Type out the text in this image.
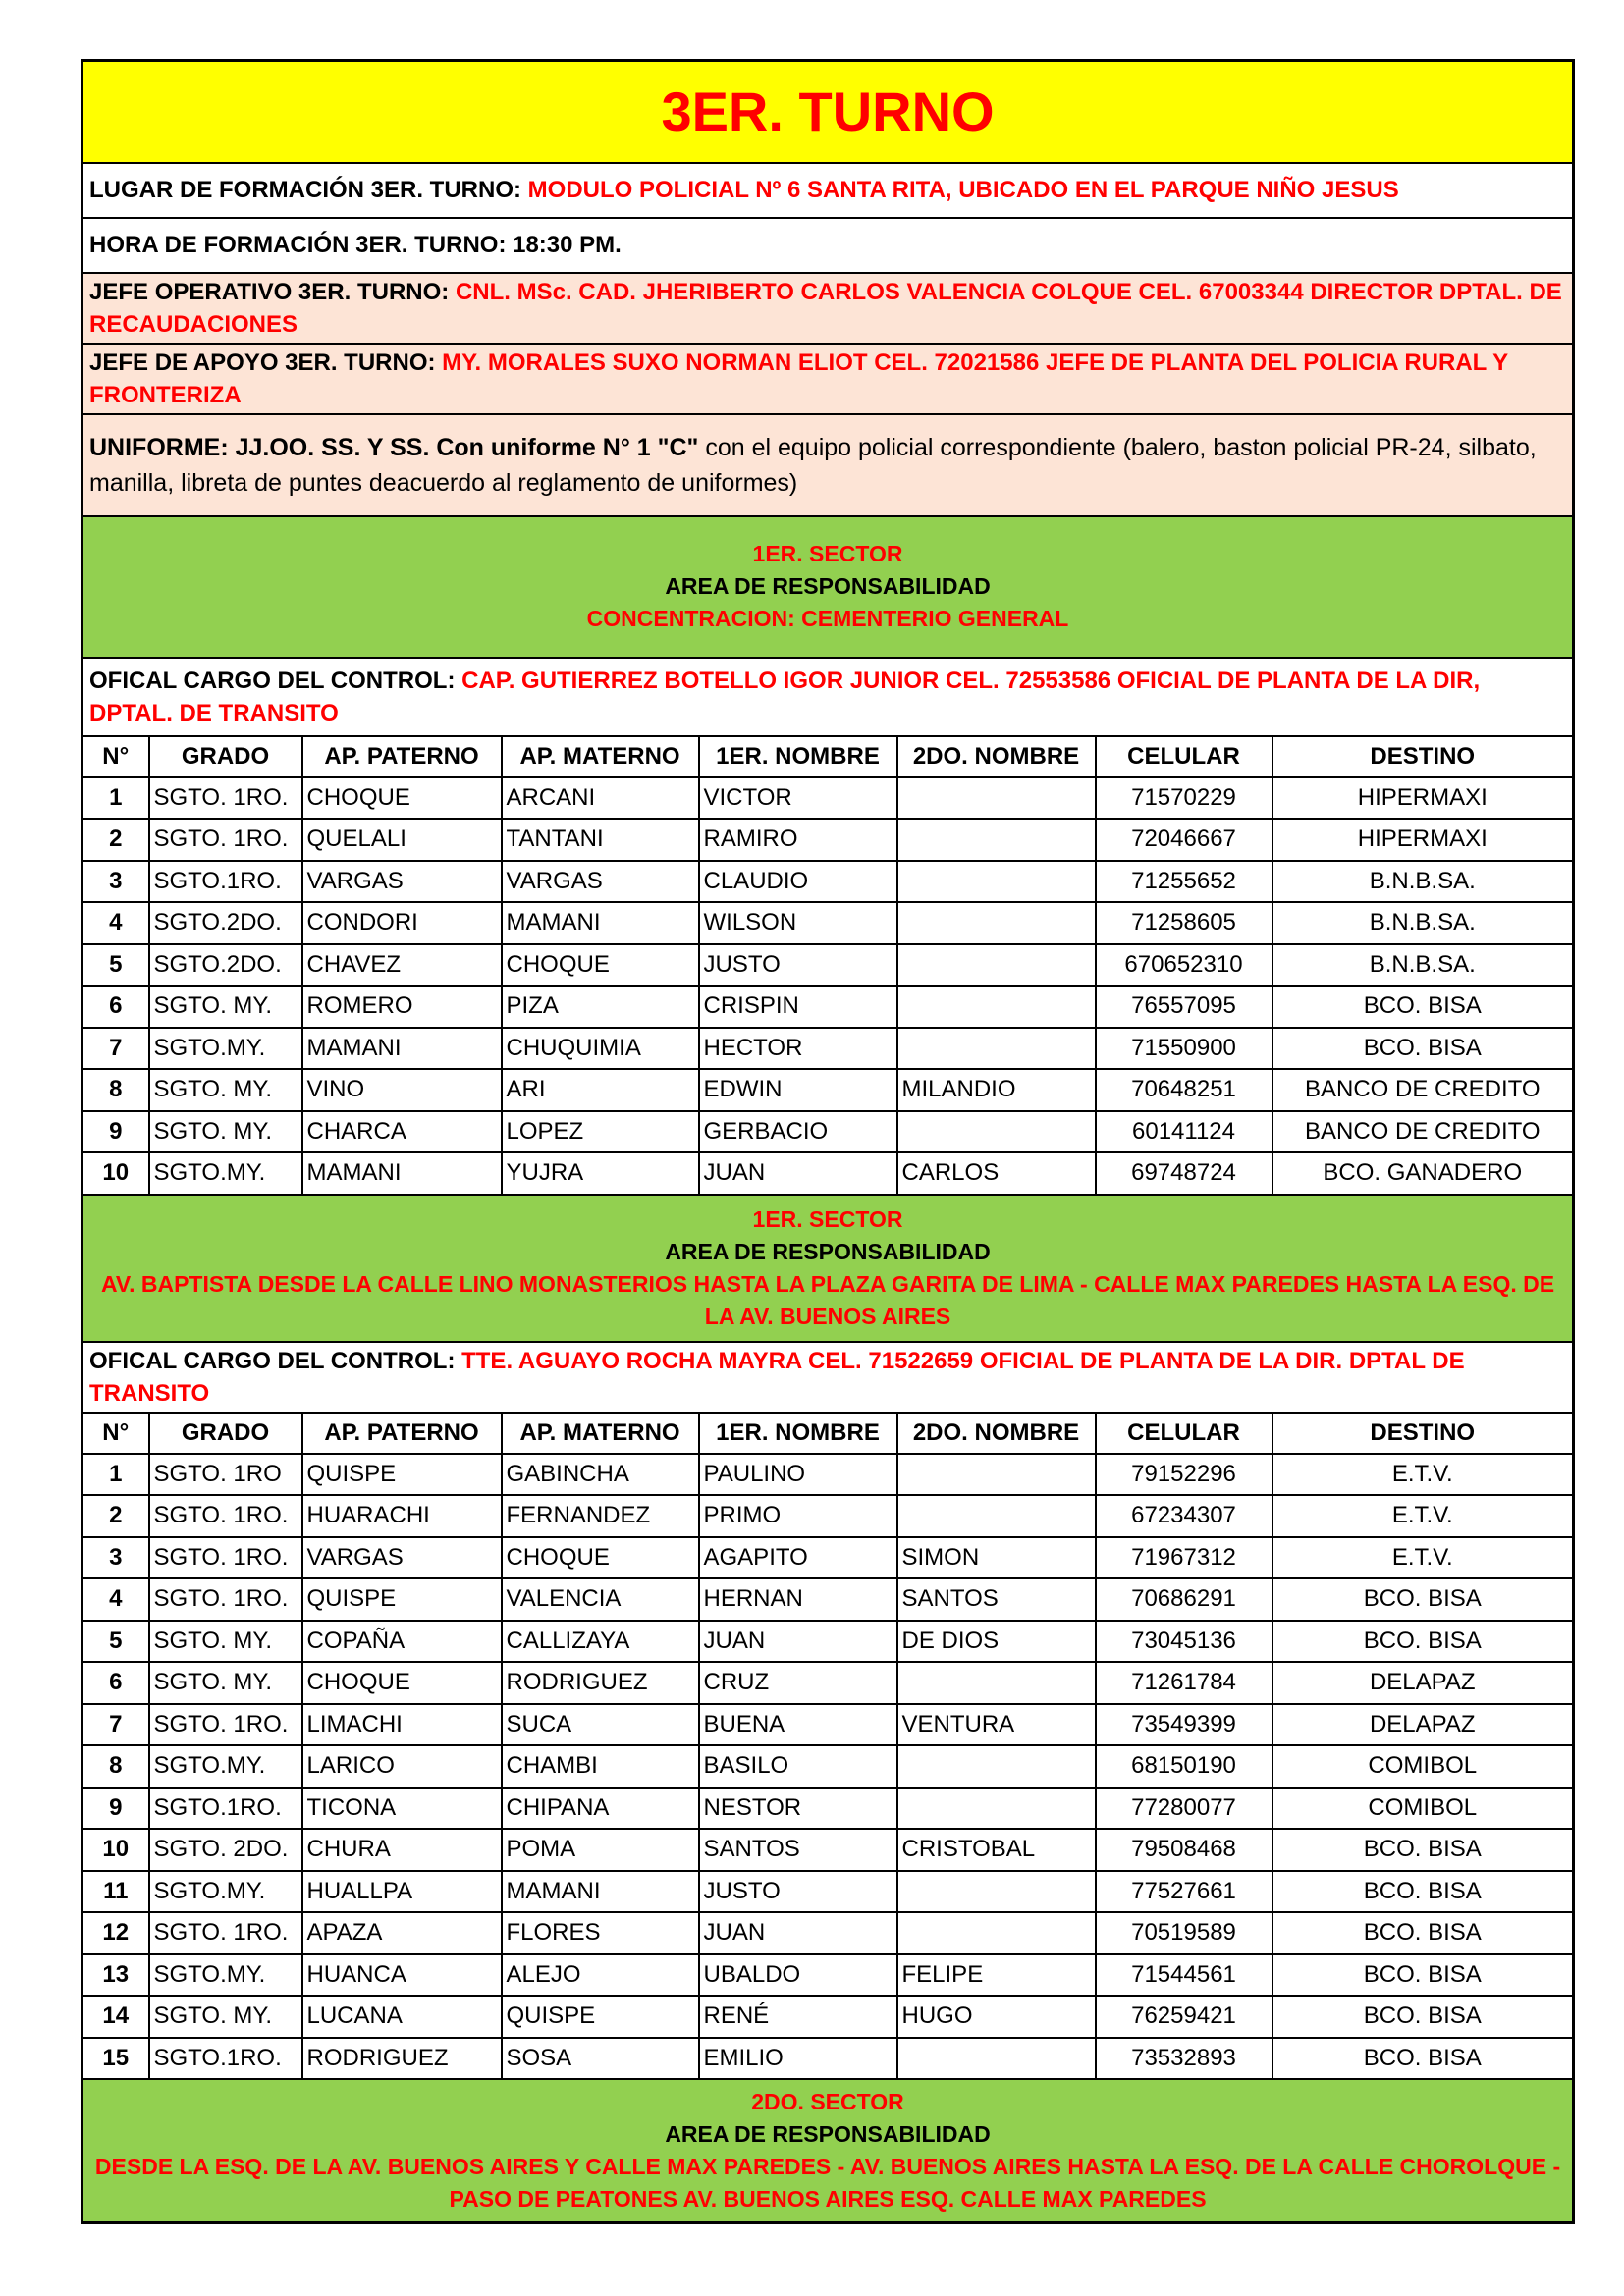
3ER. TURNO							
LUGAR DE FORMACIÓN 3ER. TURNO: MODULO POLICIAL Nº 6 SANTA RITA, UBICADO EN EL PARQUE NIÑO JESUS							
HORA DE FORMACIÓN 3ER. TURNO: 18:30 PM.							
JEFE OPERATIVO 3ER. TURNO: CNL. MSc. CAD. JHERIBERTO CARLOS VALENCIA COLQUE CEL. 67003344 DIRECTOR DPTAL. DE RECAUDACIONES							
JEFE DE APOYO 3ER. TURNO: MY. MORALES SUXO NORMAN ELIOT CEL. 72021586 JEFE DE PLANTA DEL POLICIA RURAL Y FRONTERIZA							
UNIFORME: JJ.OO. SS. Y SS. Con uniforme N° 1 "C" con el equipo policial correspondiente (balero, baston policial PR-24, silbato, manilla, libreta de puntes deacuerdo al reglamento de uniformes)							

1ER. SECTOR
AREA DE RESPONSABILIDAD
CONCENTRACION: CEMENTERIO GENERAL							

OFICAL CARGO DEL CONTROL: CAP. GUTIERREZ BOTELLO IGOR JUNIOR CEL. 72553586 OFICIAL DE PLANTA DE LA DIR, DPTAL. DE TRANSITO							
N°	GRADO	AP. PATERNO	AP. MATERNO	1ER. NOMBRE	2DO. NOMBRE	CELULAR	DESTINO
1	SGTO. 1RO.	CHOQUE	ARCANI	VICTOR		71570229	HIPERMAXI
2	SGTO. 1RO.	QUELALI	TANTANI	RAMIRO		72046667	HIPERMAXI
3	SGTO.1RO.	VARGAS	VARGAS	CLAUDIO		71255652	B.N.B.SA.
4	SGTO.2DO.	CONDORI	MAMANI	WILSON		71258605	B.N.B.SA.
5	SGTO.2DO.	CHAVEZ	CHOQUE	JUSTO		670652310	B.N.B.SA.
6	SGTO. MY.	ROMERO	PIZA	CRISPIN		76557095	BCO. BISA
7	SGTO.MY.	MAMANI	CHUQUIMIA	HECTOR		71550900	BCO. BISA
8	SGTO. MY.	VINO	ARI	EDWIN	MILANDIO	70648251	BANCO DE CREDITO
9	SGTO. MY.	CHARCA	LOPEZ	GERBACIO		60141124	BANCO DE CREDITO
10	SGTO.MY.	MAMANI	YUJRA	JUAN	CARLOS	69748724	BCO. GANADERO

1ER. SECTOR
AREA DE RESPONSABILIDAD
AV. BAPTISTA DESDE LA CALLE LINO MONASTERIOS HASTA LA PLAZA GARITA DE LIMA - CALLE MAX PAREDES HASTA LA ESQ. DE LA AV. BUENOS AIRES							

OFICAL CARGO DEL CONTROL: TTE. AGUAYO ROCHA MAYRA CEL. 71522659 OFICIAL DE PLANTA DE LA DIR. DPTAL DE TRANSITO							
N°	GRADO	AP. PATERNO	AP. MATERNO	1ER. NOMBRE	2DO. NOMBRE	CELULAR	DESTINO
1	SGTO. 1RO	QUISPE	GABINCHA	PAULINO		79152296	E.T.V.
2	SGTO. 1RO.	HUARACHI	FERNANDEZ	PRIMO		67234307	E.T.V.
3	SGTO. 1RO.	VARGAS	CHOQUE	AGAPITO	SIMON	71967312	E.T.V.
4	SGTO. 1RO.	QUISPE	VALENCIA	HERNAN	SANTOS	70686291	BCO. BISA
5	SGTO. MY.	COPAÑA	CALLIZAYA	JUAN	DE DIOS	73045136	BCO. BISA
6	SGTO. MY.	CHOQUE	RODRIGUEZ	CRUZ		71261784	DELAPAZ
7	SGTO. 1RO.	LIMACHI	SUCA	BUENA	VENTURA	73549399	DELAPAZ
8	SGTO.MY.	LARICO	CHAMBI	BASILO		68150190	COMIBOL
9	SGTO.1RO.	TICONA	CHIPANA	NESTOR		77280077	COMIBOL
10	SGTO. 2DO.	CHURA	POMA	SANTOS	CRISTOBAL	79508468	BCO. BISA
11	SGTO.MY.	HUALLPA	MAMANI	JUSTO		77527661	BCO. BISA
12	SGTO. 1RO.	APAZA	FLORES	JUAN		70519589	BCO. BISA
13	SGTO.MY.	HUANCA	ALEJO	UBALDO	FELIPE	71544561	BCO. BISA
14	SGTO. MY.	LUCANA	QUISPE	RENÉ	HUGO	76259421	BCO. BISA
15	SGTO.1RO.	RODRIGUEZ	SOSA	EMILIO		73532893	BCO. BISA

2DO. SECTOR
AREA DE RESPONSABILIDAD
DESDE LA ESQ. DE LA AV. BUENOS AIRES Y CALLE MAX PAREDES - AV. BUENOS AIRES HASTA LA ESQ. DE LA CALLE CHOROLQUE - PASO DE PEATONES AV. BUENOS AIRES ESQ. CALLE MAX PAREDES							
